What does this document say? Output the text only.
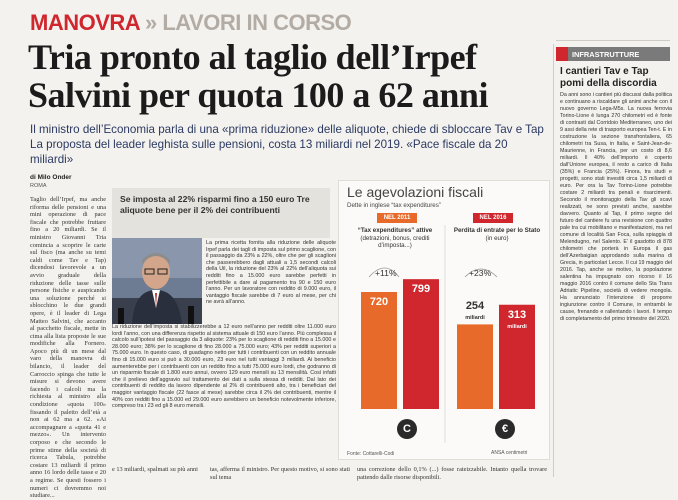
MANOVRA » LAVORI IN CORSO
Tria pronto al taglio dell’Irpef
Salvini per quota 100 a 62 anni
Il ministro dell’Economia parla di una «prima riduzione» delle aliquote, chiede di sbloccare Tav e Tap La proposta del leader leghista sulle pensioni, costa 13 miliardi nel 2019. «Pace fiscale da 20 miliardi»
di Milo Onder
ROMA
Taglio dell’Irpef, ma anche riforma delle pensioni e una mini operazione di pace fiscale che potrebbe fruttare fino a 20 miliardi. Se il ministro Giovanni Tria comincia a scoprire le carte sul fisco (ma anche su temi caldi come Tav e Tap) dicendosi favorevole a un avvio graduale della riduzione delle tasse sulle persone fisiche e auspicando una soluzione perché si sblocchino le due grandi opere, è il leader di Lega Matteo Salvini, che accanto al pacchetto fiscale, mette in cima alla lista proposte le sue modifiche alla Fornero. Apoco più di un mese dal varo della manovra di bilancio, il leader del Carroccio spinga che tutte le misure si devono avere facendo i calcoli ma la richiesta al ministro alla condizione «quota 100» fissando il paletto dell’età a non ai 62 ma a 62. «Ai accompagnare a «quota 41 e mezzo». Un intervento corposo e che secondo le prime stime della società di ricerca Tabula, potrebbe costare 13 miliardi il primo anno 16 lordo delle tasse e 20 a regime. Se questi fossero i numeri ci dovremmo noi studiare...
e 13 miliardi, spalmati su più anni	tas, afferma il ministro. Per questo motivo, si sono stati sul tema
una correzione dello 0,1% (...) fosse rateizzabile. Intanto quella trovare pattendo dalle risorse disponibili.
Se imposta al 22% risparmi fino a 150 euro Tre aliquote bene per il 2% dei contribuenti
La prima ricetta fornita alla riduzione delle aliquote Irpef parla dei tagli di imposta sul primo scaglione, con il passaggio da 23% a 22%, oltre che per gli scaglioni che passerebbero dagli attuali a 1,5 secondi calcoli della Uil, la riduzione del 23% al 22% dell’aliquota sui redditi fino a 15.000 euro sarebbe perfetti in perfettibile a dare al pagamento tra 90 e 150 euro l’anno. Per un lavoratore con reddito di 9.000 euro, il vantaggio fiscale sarebbe di 7 euro al mese, per chi ne avrà all’anno.
La riduzione dell’imposta si stabilizzerebbe a 12 euro nell’anno per redditi oltre 11.000 euro lordi l’anno, con una differenza rispetto al sistema attuale di 150 euro l’anno. Più complessa il calcolo sull’ipotesi del passaggio da 3 aliquote: 23% per lo scaglione di redditi fino a 15.000 e 28.000 euro; 38% per lo scaglione di fino 28.000 a 75.000 euro; 43% per redditi superiori a 75.000 euro. In questo caso, di guadagno netto per tutti i contribuenti con un reddito annuale fino di 15.000 euro si può a 30.000 euro, 23 euro nel tutti vantaggi 3 miliardi. Ai beneficio aumenterebbe per i contribuenti con un reddito fino a tutti 75.000 euro lordi, che godranno di un risparmio fiscale di 1.800 euro annui, ovvero 129 euro mensili su 13 mensilità. Così infatti che il prelievo dell’aggravio sul trattamento dei dati a sulla stessa di redditi. Dal lato dei contribuenti di reddito da lavoro dipendente al 2% di contribuenti alto, tra i beneficiari del maggior vantaggio fiscale (22 fasce al mese) sarebbe circa il 2% dei contribuenti, mentre il 40% con redditi fino a 15.000 ed 29.000 euro avrebbero un beneficio notevolmente inferiore, compreso tra i 23 ed gli 8 euro mensili.
Le agevolazioni fiscali
Dette in inglese “tax expenditures”
NEL 2011	NEL 2016
“Tax expenditures” attive
(detrazioni, bonus, crediti d’imposta...)
Perdita di entrate per lo Stato
(in euro)
+11%	+23%
C	€
Fonte: Cottarelli-Codi	ANSA centimetri
720
799
254
miliardi	313
miliardi
INFRASTRUTTURE
I cantieri Tav e Tap pomi della discordia
Da anni sono i cantieri più discussi dalla politica e continuano a riscaldare gli animi anche con il nuovo governo Lega-M5s. La nuova ferrovia Torino-Lione è lunga 270 chilometri ed è fonte di contrasti dal Corridoio Mediterraneo, uno dei 9 assi della rete di trasporto europea Ten-t. E in costruzione la sezione transfrontaliera, 65 chilometri tra Susa, in Italia, e Saint-Jean-de-Maurienne, in Francia, per un costo di 8,6 miliardi. Il 40% dell’importo è coperto dall’Unione europea, il resto a carico di Italia (35%) e Francia (25%). Finora, tra studi e progetti, sono stati investiti circa 1,5 miliardi di euro. Per ora la Tav Torino-Lione potrebbe costare 2 miliardi tra penali e risarcimenti. Secondo il monitoraggio della Tav gli scavi realizzati, ne sono previsti anche, sarebbe davvero. Quanto al Tap, il primo segno del futuro del cantiere fu una revisione con quattro pale tra cui mobilitano e manifestazioni, ma nel comune di località San Foca, sulla spiaggia di Melendugno, nel Salento. E’ il gasdotto di 878 chilometri che porterà in Europa il gas dell’Azerbaigian approdando sulla marina di Grecia, in particolari Lecce. Il cui 19 maggio del 2016. Tap, anche se motivo, la popolazione salentina ha impugnato con ricorso il 16 maggio 2016 contro il comune dello Sta Trans Adriatic Pipeline, società di vedere mongola. Ha annunciato l’intenzione di proporre ingiunzione contro il Comune, in entrambi le cause, frenando e rallentando i lavori. Il tempo di completamento del primo trimestre del 2020.
